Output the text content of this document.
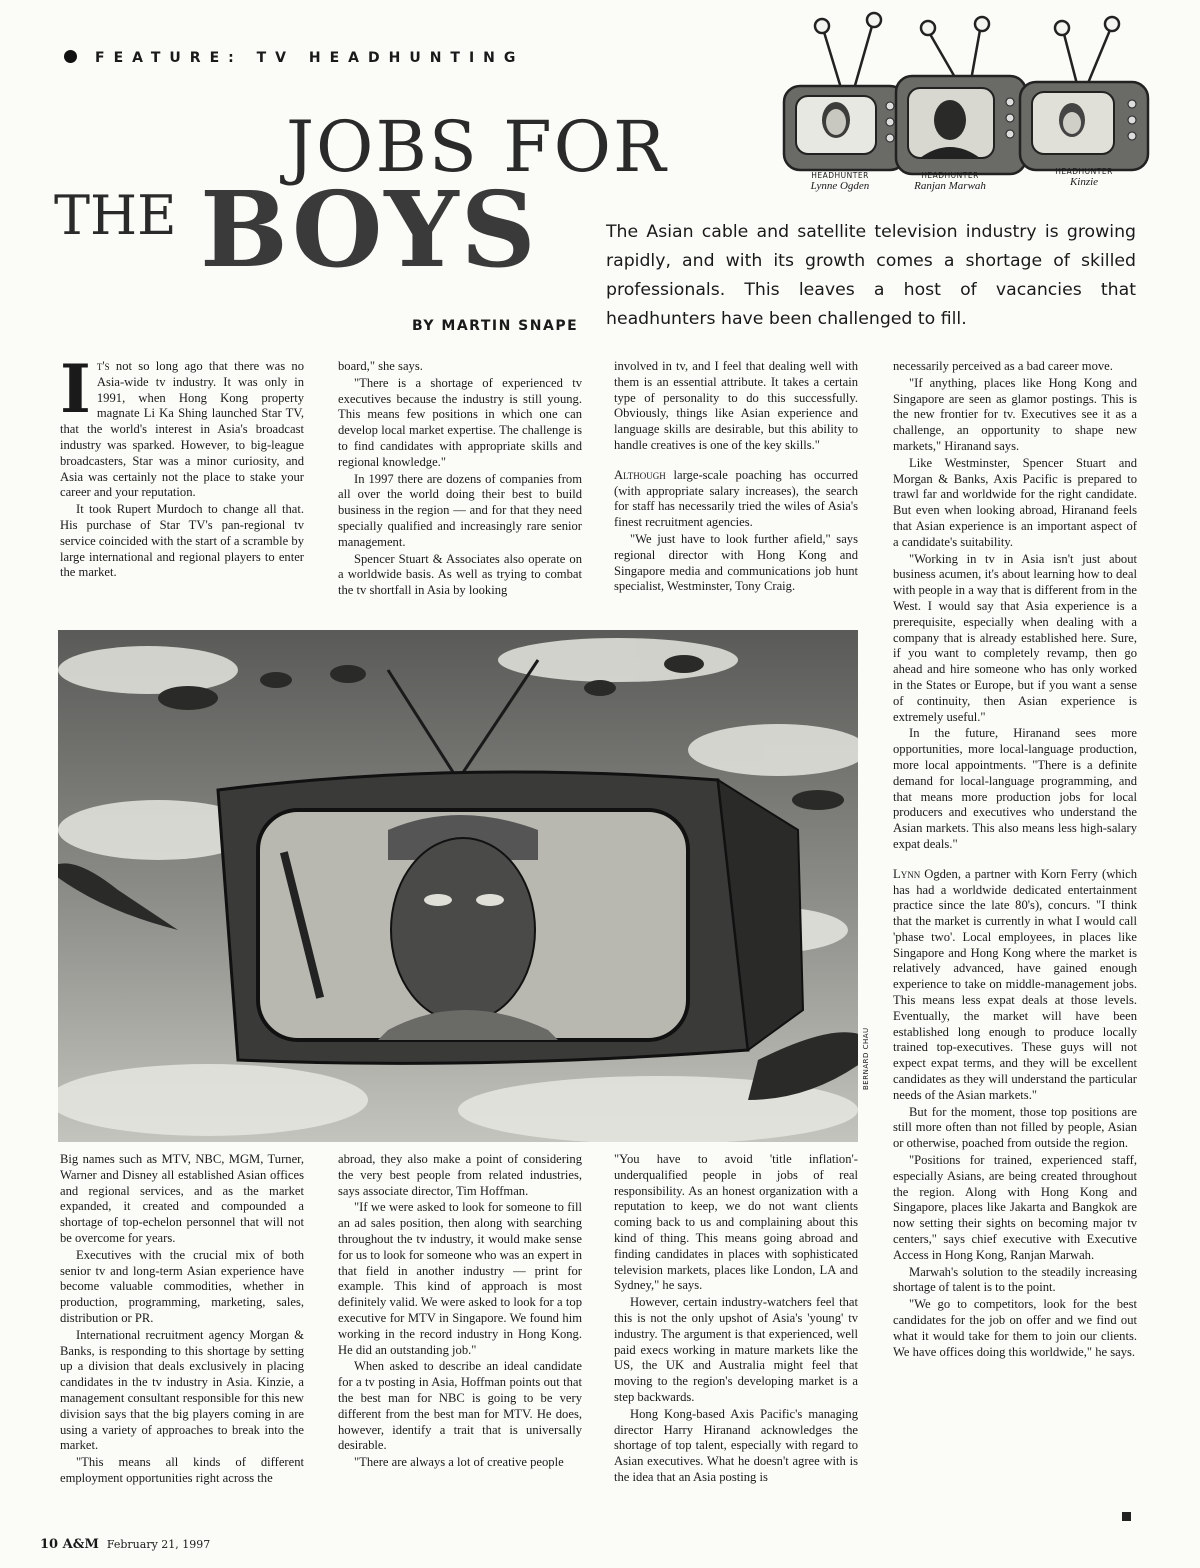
FEATURE: TV HEADHUNTING
JOBS FOR
THE BOYS
BY MARTIN SNAPE
The Asian cable and satellite television industry is growing rapidly, and with its growth comes a shortage of skilled professionals. This leaves a host of vacancies that headhunters have been challenged to fill.
HEADHUNTER
Lynne Ogden
HEADHUNTER
Ranjan Marwah
HEADHUNTER
Kinzie

It's not so long ago that there was no Asia-wide tv industry. It was only in 1991, when Hong Kong property magnate Li Ka Shing launched Star TV, that the world's interest in Asia's broadcast industry was sparked. However, to big-league broadcasters, Star was a minor curiosity, and Asia was certainly not the place to stake your career and your reputation.

It took Rupert Murdoch to change all that. His purchase of Star TV's pan-regional tv service coincided with the start of a scramble by large international and regional players to enter the market.

board," she says.

"There is a shortage of experienced tv executives because the industry is still young. This means few positions in which one can develop local market expertise. The challenge is to find candidates with appropriate skills and regional knowledge."

In 1997 there are dozens of companies from all over the world doing their best to build business in the region — and for that they need specially qualified and increasingly rare senior management.

Spencer Stuart & Associates also operate on a worldwide basis. As well as trying to combat the tv shortfall in Asia by looking

involved in tv, and I feel that dealing well with them is an essential attribute. It takes a certain type of personality to do this successfully. Obviously, things like Asian experience and language skills are desirable, but this ability to handle creatives is one of the key skills."

Although large-scale poaching has occurred (with appropriate salary increases), the search for staff has necessarily tried the wiles of Asia's finest recruitment agencies.

"We just have to look further afield," says regional director with Hong Kong and Singapore media and communications job hunt specialist, Westminster, Tony Craig.

necessarily perceived as a bad career move.

"If anything, places like Hong Kong and Singapore are seen as glamor postings. This is the new frontier for tv. Executives see it as a challenge, an opportunity to shape new markets," Hiranand says.

Like Westminster, Spencer Stuart and Morgan & Banks, Axis Pacific is prepared to trawl far and worldwide for the right candidate. But even when looking abroad, Hiranand feels that Asian experience is an important aspect of a candidate's suitability.

"Working in tv in Asia isn't just about business acumen, it's about learning how to deal with people in a way that is different from in the West. I would say that Asia experience is a prerequisite, especially when dealing with a company that is already established here. Sure, if you want to completely revamp, then go ahead and hire someone who has only worked in the States or Europe, but if you want a sense of continuity, then Asian experience is extremely useful."

In the future, Hiranand sees more opportunities, more local-language production, more local appointments. "There is a definite demand for local-language programming, and that means more production jobs for local producers and executives who understand the Asian markets. This also means less high-salary expat deals."

Lynn Ogden, a partner with Korn Ferry (which has had a worldwide dedicated entertainment practice since the late 80's), concurs. "I think that the market is currently in what I would call 'phase two'. Local employees, in places like Singapore and Hong Kong where the market is relatively advanced, have gained enough experience to take on middle-management jobs. This means less expat deals at those levels. Eventually, the market will have been established long enough to produce locally trained top-executives. These guys will not expect expat terms, and they will be excellent candidates as they will understand the particular needs of the Asian markets."

But for the moment, those top positions are still more often than not filled by people, Asian or otherwise, poached from outside the region.

"Positions for trained, experienced staff, especially Asians, are being created throughout the region. Along with Hong Kong and Singapore, places like Jakarta and Bangkok are now setting their sights on becoming major tv centers," says chief executive with Executive Access in Hong Kong, Ranjan Marwah.

Marwah's solution to the steadily increasing shortage of talent is to the point.

"We go to competitors, look for the best candidates for the job on offer and we find out what it would take for them to join our clients. We have offices doing this worldwide," he says.

BERNARD CHAU

Big names such as MTV, NBC, MGM, Turner, Warner and Disney all established Asian offices and regional services, and as the market expanded, it created and compounded a shortage of top-echelon personnel that will not be overcome for years.

Executives with the crucial mix of both senior tv and long-term Asian experience have become valuable commodities, whether in production, programming, marketing, sales, distribution or PR.

International recruitment agency Morgan & Banks, is responding to this shortage by setting up a division that deals exclusively in placing candidates in the tv industry in Asia. Kinzie, a management consultant responsible for this new division says that the big players coming in are using a variety of approaches to break into the market.

"This means all kinds of different employment opportunities right across the

abroad, they also make a point of considering the very best people from related industries, says associate director, Tim Hoffman.

"If we were asked to look for someone to fill an ad sales position, then along with searching throughout the tv industry, it would make sense for us to look for someone who was an expert in that field in another industry — print for example. This kind of approach is most definitely valid. We were asked to look for a top executive for MTV in Singapore. We found him working in the record industry in Hong Kong. He did an outstanding job."

When asked to describe an ideal candidate for a tv posting in Asia, Hoffman points out that the best man for NBC is going to be very different from the best man for MTV. He does, however, identify a trait that is universally desirable.

"There are always a lot of creative people

"You have to avoid 'title inflation'- underqualified people in jobs of real responsibility. As an honest organization with a reputation to keep, we do not want clients coming back to us and complaining about this kind of thing. This means going abroad and finding candidates in places with sophisticated television markets, places like London, LA and Sydney," he says.

However, certain industry-watchers feel that this is not the only upshot of Asia's 'young' tv industry. The argument is that experienced, well paid execs working in mature markets like the US, the UK and Australia might feel that moving to the region's developing market is a step backwards.

Hong Kong-based Axis Pacific's managing director Harry Hiranand acknowledges the shortage of top talent, especially with regard to Asian executives. What he doesn't agree with is the idea that an Asia posting is

10 A&M February 21, 1997
